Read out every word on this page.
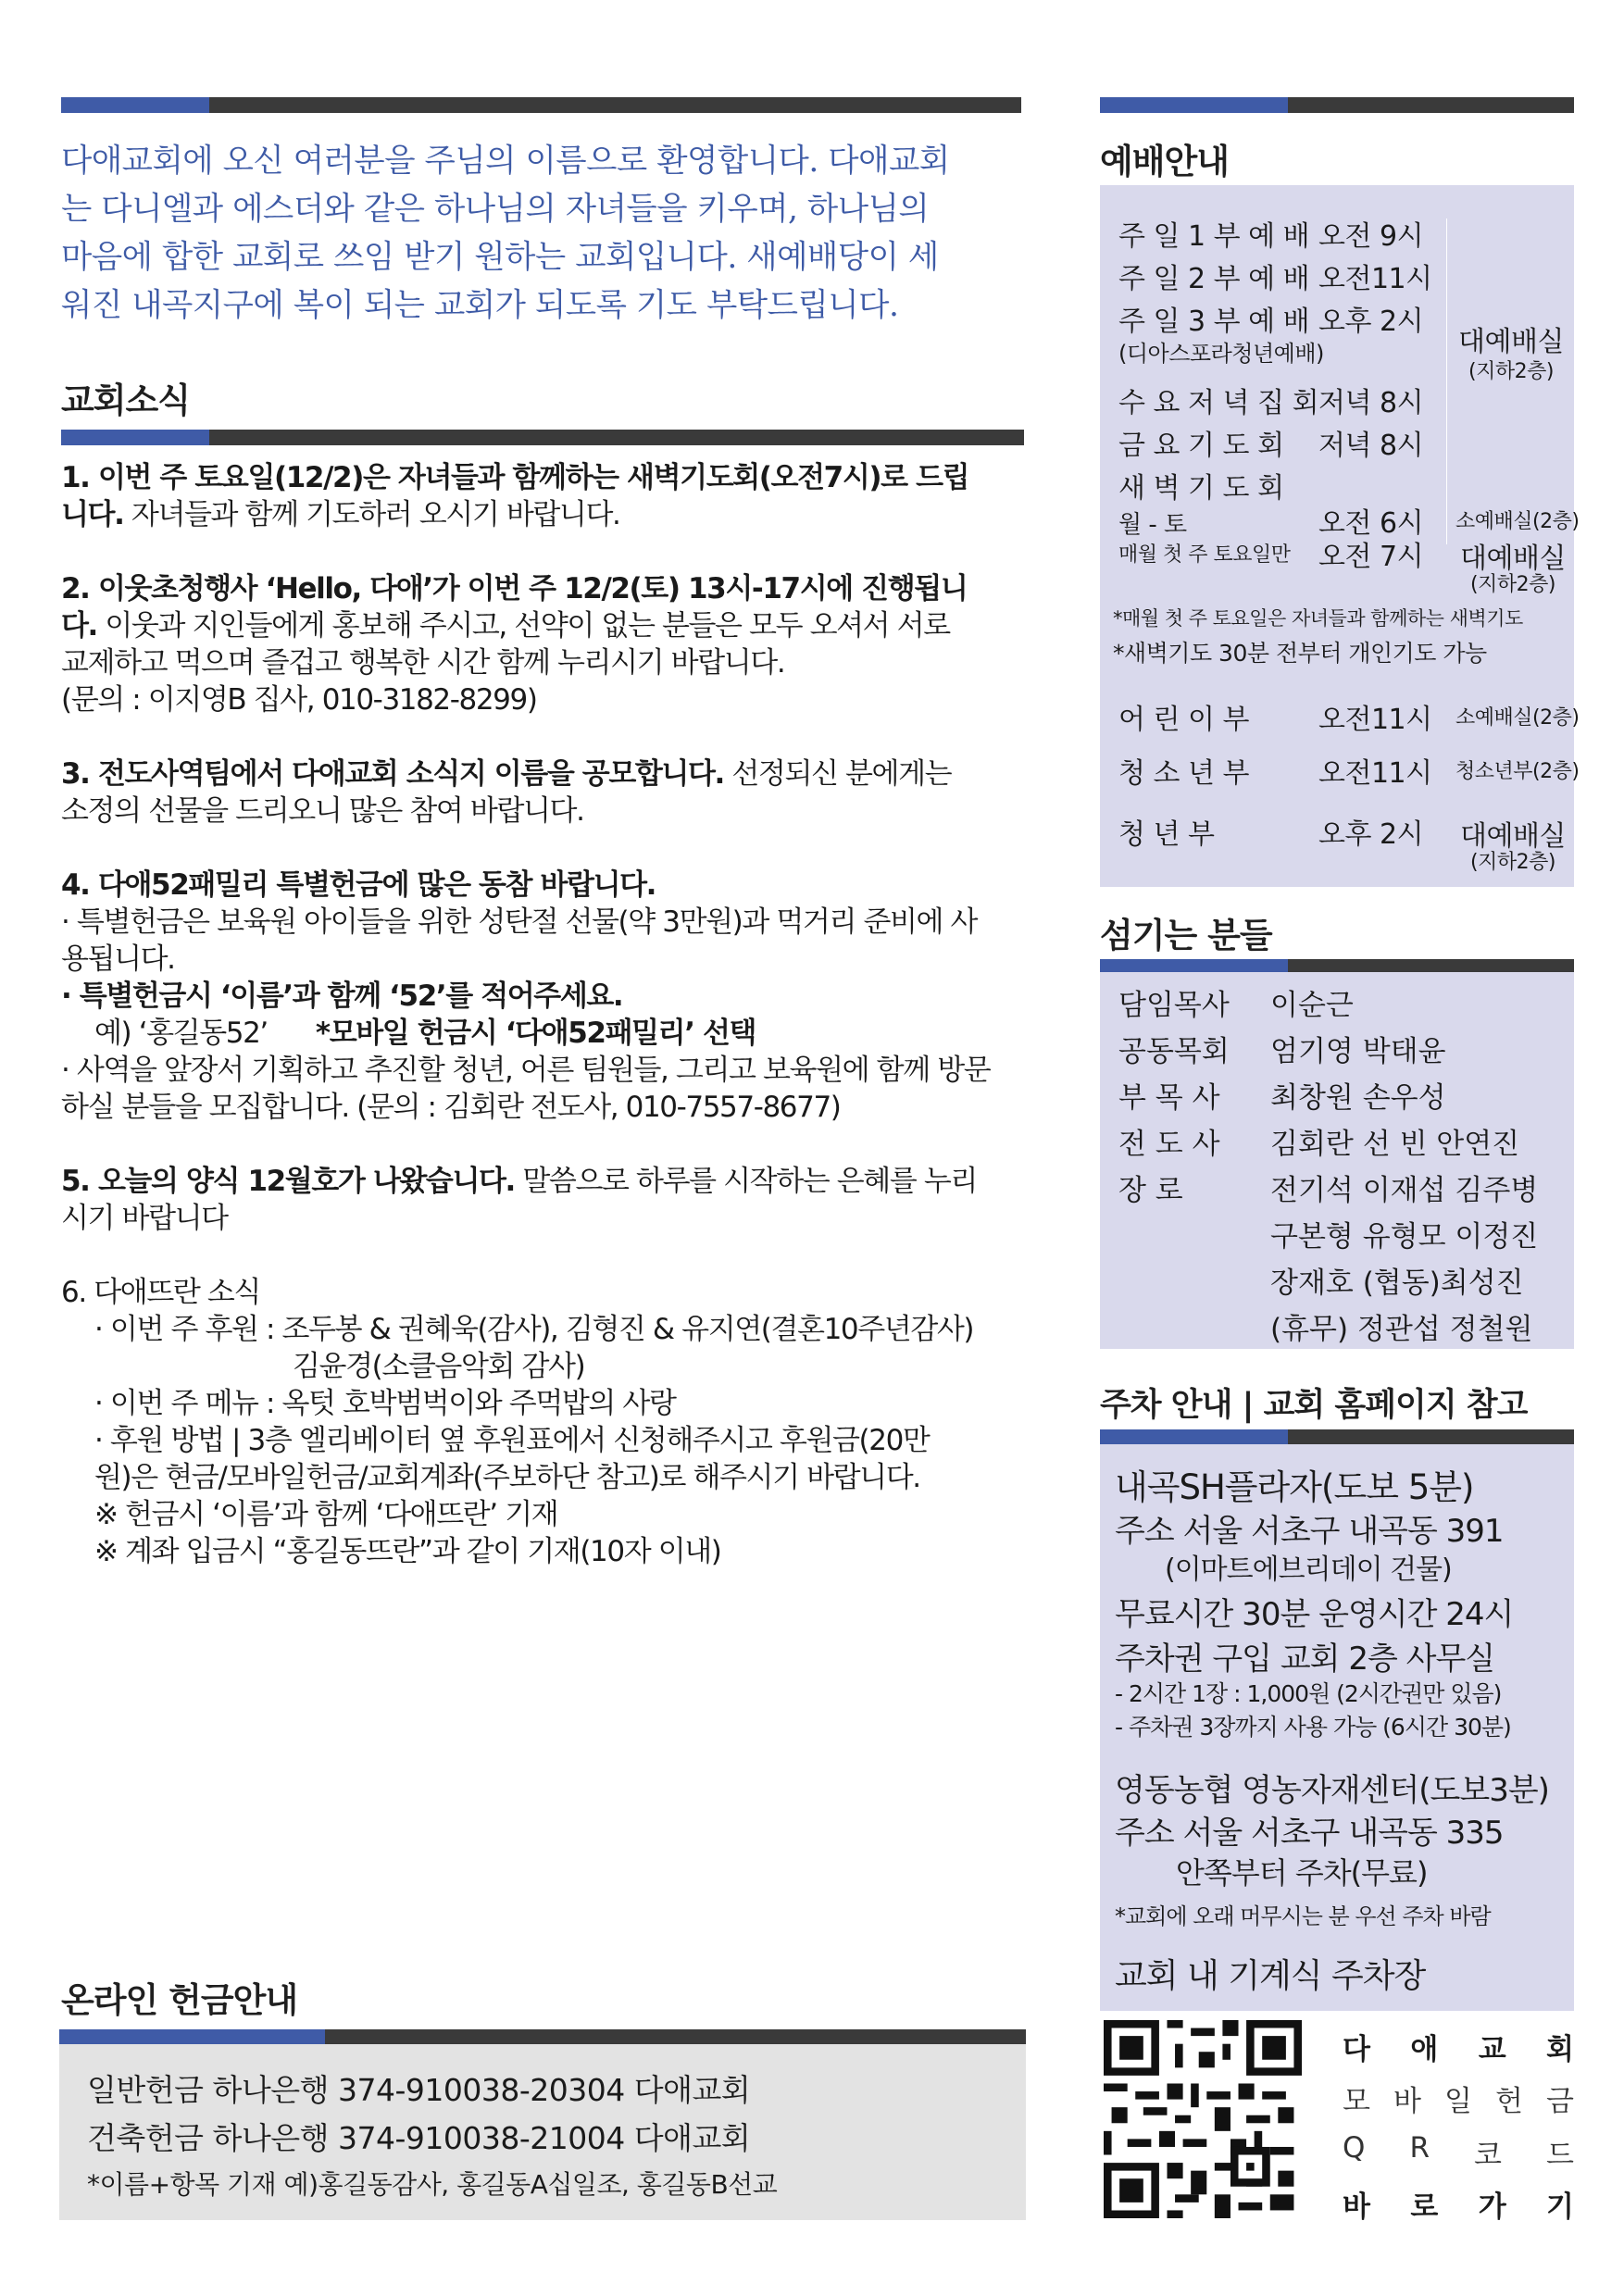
다애교회에 오신 여러분을 주님의 이름으로 환영합니다. 다애교회

는 다니엘과 에스더와 같은 하나님의 자녀들을 키우며, 하나님의

마음에 합한 교회로 쓰임 받기 원하는 교회입니다. 새예배당이 세

워진 내곡지구에 복이 되는 교회가 되도록 기도 부탁드립니다.

교회소식
1. 이번 주 토요일(12/2)은 자녀들과 함께하는 새벽기도회(오전7시)로 드립
니다. 자녀들과 함께 기도하러 오시기 바랍니다.
2. 이웃초청행사 ‘Hello, 다애’가 이번 주 12/2(토) 13시-17시에 진행됩니
다. 이웃과 지인들에게 홍보해 주시고, 선약이 없는 분들은 모두 오셔서 서로
교제하고 먹으며 즐겁고 행복한 시간 함께 누리시기 바랍니다.
(문의 : 이지영B 집사, 010-3182-8299)
3. 전도사역팀에서 다애교회 소식지 이름을 공모합니다. 선정되신 분에게는
소정의 선물을 드리오니 많은 참여 바랍니다.
4. 다애52패밀리 특별헌금에 많은 동참 바랍니다.
· 특별헌금은 보육원 아이들을 위한 성탄절 선물(약 3만원)과 먹거리 준비에 사
용됩니다.
· 특별헌금시 ‘이름’과 함께 ‘52’를 적어주세요.
예) ‘홍길동52’ *모바일 헌금시 ‘다애52패밀리’ 선택
· 사역을 앞장서 기획하고 추진할 청년, 어른 팀원들, 그리고 보육원에 함께 방문
하실 분들을 모집합니다. (문의 : 김회란 전도사, 010-7557-8677)
5. 오늘의 양식 12월호가 나왔습니다. 말씀으로 하루를 시작하는 은혜를 누리
시기 바랍니다
6. 다애뜨란 소식
· 이번 주 후원 : 조두봉 & 권혜욱(감사), 김형진 & 유지연(결혼10주년감사)
김윤경(소클음악회 감사)
· 이번 주 메뉴 : 옥텃 호박범벅이와 주먹밥의 사랑
· 후원 방법 | 3층 엘리베이터 옆 후원표에서 신청해주시고 후원금(20만
원)은 현금/모바일헌금/교회계좌(주보하단 참고)로 해주시기 바랍니다.
※ 헌금시 ‘이름’과 함께 ‘다애뜨란’ 기재
※ 계좌 입금시 “홍길동뜨란”과 같이 기재(10자 이내)
온라인 헌금안내
일반헌금 하나은행 374-910038-20304 다애교회
건축헌금 하나은행 374-910038-21004 다애교회
*이름+항목 기재 예)홍길동감사, 홍길동A십일조, 홍길동B선교
예배안내
주 일 1 부 예 배 오전 9시
주 일 2 부 예 배 오전11시
주 일 3 부 예 배 오후 2시
(디아스포라청년예배)	대예배실
(지하2층)
수 요 저 녁 집 회 저녁 8시
금 요 기 도 회 저녁 8시
새 벽 기 도 회
월 - 토	오전 6시 소예배실(2층)
매월 첫 주 토요일만 오전 7시 대예배실
(지하2층)
*매월 첫 주 토요일은 자녀들과 함께하는 새벽기도
*새벽기도 30분 전부터 개인기도 가능
어 린 이 부 오전11시 소예배실(2층)
청 소 년 부 오전11시 청소년부(2층)
청 년 부	오후 2시 대예배실
(지하2층)
섬기는 분들
담임목사 이순근
공동목회 엄기영 박태윤
부 목 사 최창원 손우성
전 도 사 김회란 선 빈 안연진
장 로	전기석 이재섭 김주병
구본형 유형모 이정진
장재호 (협동)최성진
(휴무) 정관섭 정철원
주차 안내 | 교회 홈페이지 참고
내곡SH플라자(도보 5분)
주소 서울 서초구 내곡동 391
(이마트에브리데이 건물)
무료시간 30분 운영시간 24시
주차권 구입 교회 2층 사무실
- 2시간 1장 : 1,000원 (2시간권만 있음)
- 주차권 3장까지 사용 가능 (6시간 30분)
영동농협 영농자재센터(도보3분)
주소 서울 서초구 내곡동 335
안쪽부터 주차(무료)
*교회에 오래 머무시는 분 우선 주차 바람
교회 내 기계식 주차장
다 애 교 회
모 바 일 헌 금
Q R 코 드
바 로 가 기
